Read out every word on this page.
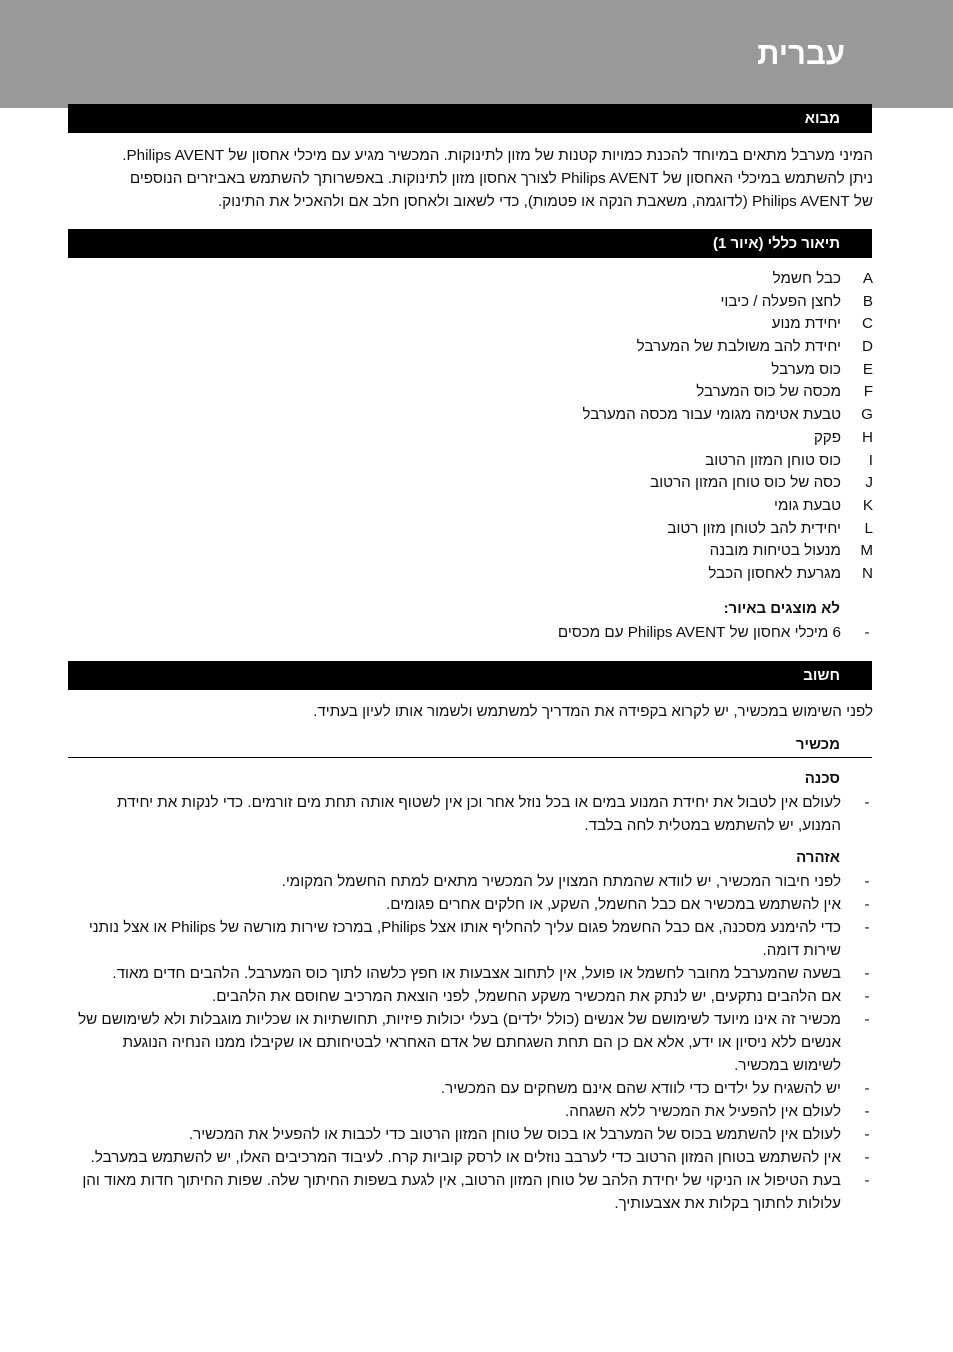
עברית
מבוא
המיני מערבל מתאים במיוחד להכנת כמויות קטנות של מזון לתינוקות. המכשיר מגיע עם מיכלי אחסון של Philips AVENT.
ניתן להשתמש במיכלי האחסון של Philips AVENT לצורך אחסון מזון לתינוקות. באפשרותך להשתמש באביזרים הנוספים
של Philips AVENT (לדוגמה, משאבת הנקה או פטמות), כדי לשאוב ולאחסן חלב אם ולהאכיל את התינוק.
תיאור כללי (איור 1)
A
כבל חשמל
B
לחצן הפעלה / כיבוי
C
יחידת מנוע
D
יחידת להב משולבת של המערבל
E
כוס מערבל
F
מכסה של כוס המערבל
G
טבעת אטימה מגומי עבור מכסה המערבל
H
פקק
I
כוס טוחן המזון הרטוב
J
כסה של כוס טוחן המזון הרטוב
K
טבעת גומי
L
יחידית להב לטוחן מזון רטוב
M
מנעול בטיחות מובנה
N
מגרעת לאחסון הכבל
לא מוצגים באיור:
-
6 מיכלי אחסון של Philips AVENT עם מכסים
חשוב
לפני השימוש במכשיר, יש לקרוא בקפידה את המדריך למשתמש ולשמור אותו לעיון בעתיד.
מכשיר
סכנה
-
לעולם אין לטבול את יחידת המנוע במים או בכל נוזל אחר וכן אין לשטוף אותה תחת מים זורמים. כדי לנקות את יחידת המנוע, יש להשתמש במטלית לחה בלבד.
אזהרה
-
לפני חיבור המכשיר, יש לוודא שהמתח המצוין על המכשיר מתאים למתח החשמל המקומי.
-
אין להשתמש במכשיר אם כבל החשמל, השקע, או חלקים אחרים פגומים.
-
כדי להימנע מסכנה, אם כבל החשמל פגום עליך להחליף אותו אצל Philips, במרכז שירות מורשה של Philips או אצל נותני שירות דומה.
-
בשעה שהמערבל מחובר לחשמל או פועל, אין לתחוב אצבעות או חפץ כלשהו לתוך כוס המערבל. הלהבים חדים מאוד.
-
אם הלהבים נתקעים, יש לנתק את המכשיר משקע החשמל, לפני הוצאת המרכיב שחוסם את הלהבים.
-
מכשיר זה אינו מיועד לשימושם של אנשים (כולל ילדים) בעלי יכולות פיזיות, תחושתיות או שכליות מוגבלות ולא לשימושם של אנשים ללא ניסיון או ידע, אלא אם כן הם תחת השגחתם של אדם האחראי לבטיחותם או שקיבלו ממנו הנחיה הנוגעת לשימוש במכשיר.
-
יש להשגיח על ילדים כדי לוודא שהם אינם משחקים עם המכשיר.
-
לעולם אין להפעיל את המכשיר ללא השגחה.
-
לעולם אין להשתמש בכוס של המערבל או בכוס של טוחן המזון הרטוב כדי לכבות או להפעיל את המכשיר.
-
אין להשתמש בטוחן המזון הרטוב כדי לערבב נוזלים או לרסק קוביות קרח. לעיבוד המרכיבים האלו, יש להשתמש במערבל.
-
בעת הטיפול או הניקוי של יחידת הלהב של טוחן המזון הרטוב, אין לגעת בשפות החיתוך שלה. שפות החיתוך חדות מאוד והן עלולות לחתוך בקלות את אצבעותיך.
